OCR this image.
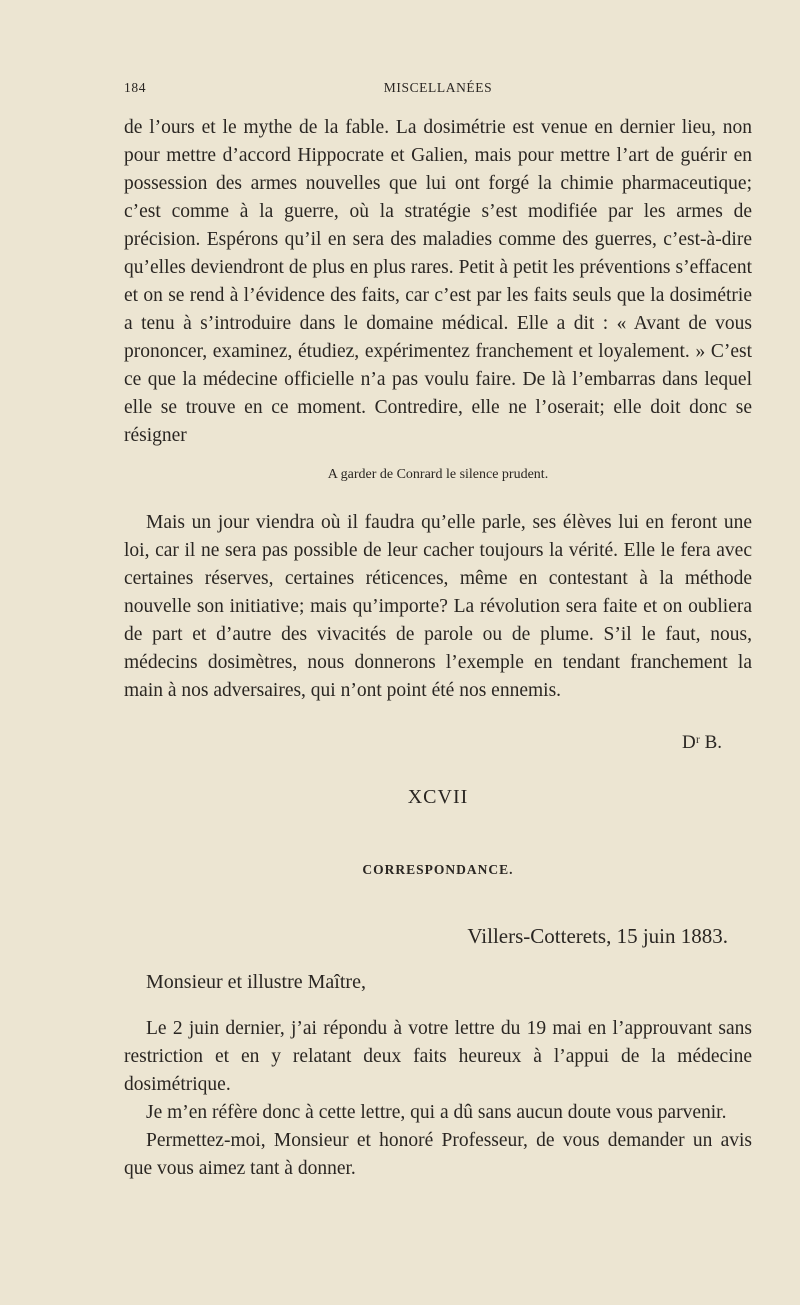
184	MISCELLANÉES

de l’ours et le mythe de la fable. La dosimétrie est venue en dernier lieu, non pour mettre d’accord Hippocrate et Galien, mais pour mettre l’art de guérir en possession des armes nouvelles que lui ont forgé la chimie pharmaceutique; c’est comme à la guerre, où la stratégie s’est modifiée par les armes de précision. Espérons qu’il en sera des maladies comme des guerres, c’est-à-dire qu’elles deviendront de plus en plus rares. Petit à petit les préventions s’effacent et on se rend à l’évidence des faits, car c’est par les faits seuls que la dosimétrie a tenu à s’introduire dans le domaine médical. Elle a dit : « Avant de vous prononcer, examinez, étudiez, expérimentez franchement et loyalement. » C’est ce que la médecine officielle n’a pas voulu faire. De là l’embarras dans lequel elle se trouve en ce moment. Contredire, elle ne l’oserait; elle doit donc se résigner

A garder de Conrard le silence prudent.

Mais un jour viendra où il faudra qu’elle parle, ses élèves lui en feront une loi, car il ne sera pas possible de leur cacher toujours la vérité. Elle le fera avec certaines réserves, certaines réticences, même en contestant à la méthode nouvelle son initiative; mais qu’importe? La révolution sera faite et on oubliera de part et d’autre des vivacités de parole ou de plume. S’il le faut, nous, médecins dosimètres, nous donnerons l’exemple en tendant franchement la main à nos adversaires, qui n’ont point été nos ennemis.

Dʳ B.
XCVII
CORRESPONDANCE.
Villers-Cotterets, 15 juin 1883.
Monsieur et illustre Maître,

Le 2 juin dernier, j’ai répondu à votre lettre du 19 mai en l’approuvant sans restriction et en y relatant deux faits heureux à l’appui de la médecine dosimétrique.

Je m’en réfère donc à cette lettre, qui a dû sans aucun doute vous parvenir.

Permettez-moi, Monsieur et honoré Professeur, de vous demander un avis que vous aimez tant à donner.
